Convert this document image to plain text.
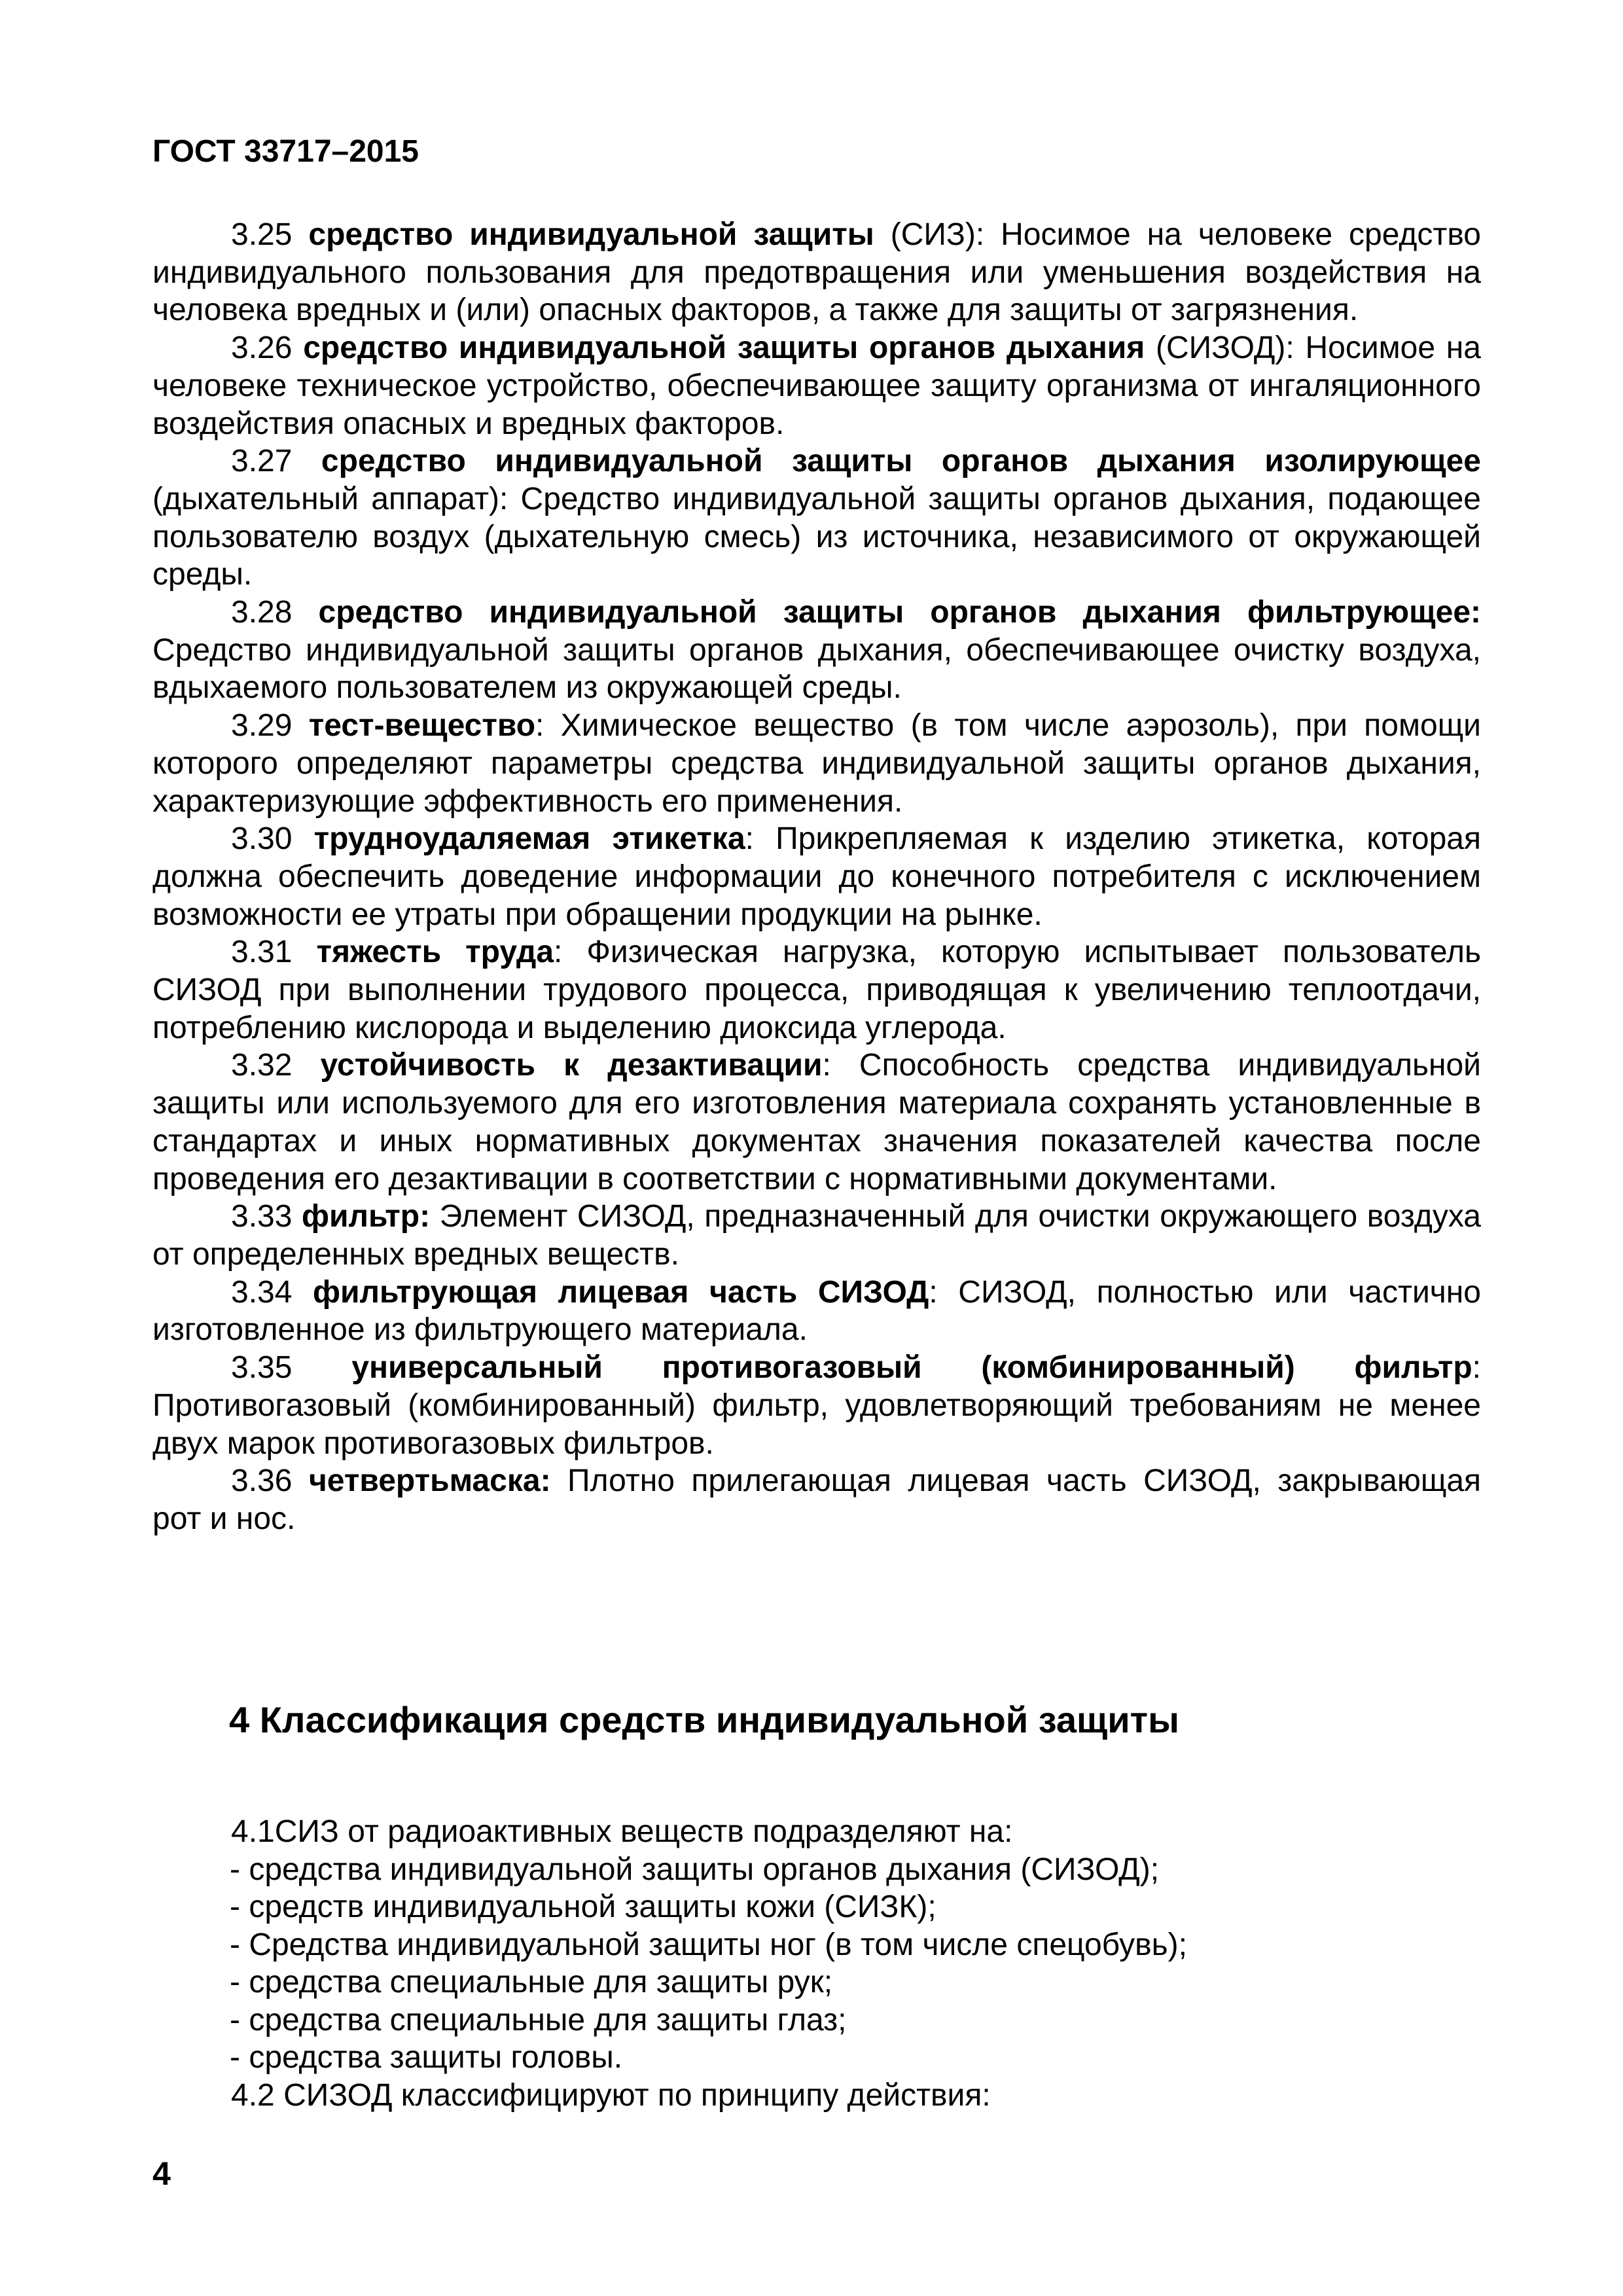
ГОСТ 33717–2015

3.25 средство индивидуальной защиты (СИЗ): Носимое на человеке средство индивидуального пользования для предотвращения или уменьшения воздействия на человека вредных и (или) опасных факторов, а также для защиты от загрязнения.

3.26 средство индивидуальной защиты органов дыхания (СИЗОД): Носимое на человеке техническое устройство, обеспечивающее защиту организма от ингаляционного воздействия опасных и вредных факторов.

3.27 средство индивидуальной защиты органов дыхания изолирующее (дыхательный аппарат): Средство индивидуальной защиты органов дыхания, подающее пользователю воздух (дыхательную смесь) из источника, независимого от окружающей среды.

3.28 средство индивидуальной защиты органов дыхания фильтрующее: Средство индивидуальной защиты органов дыхания, обеспечивающее очистку воздуха, вдыхаемого пользователем из окружающей среды.

3.29 тест-вещество: Химическое вещество (в том числе аэрозоль), при помощи которого определяют параметры средства индивидуальной защиты органов дыхания, характеризующие эффективность его применения.

3.30 трудноудаляемая этикетка: Прикрепляемая к изделию этикетка, которая должна обеспечить доведение информации до конечного потребителя с исключением возможности ее утраты при обращении продукции на рынке.

3.31 тяжесть труда: Физическая нагрузка, которую испытывает пользователь СИЗОД при выполнении трудового процесса, приводящая к увеличению теплоотдачи, потреблению кислорода и выделению диоксида углерода.

3.32 устойчивость к дезактивации: Способность средства индивидуальной защиты или используемого для его изготовления материала сохранять установленные в стандартах и иных нормативных документах значения показателей качества после проведения его дезактивации в соответствии с нормативными документами.

3.33 фильтр: Элемент СИЗОД, предназначенный для очистки окружающего воздуха от определенных вредных веществ.

3.34 фильтрующая лицевая часть СИЗОД: СИЗОД, полностью или частично изготовленное из фильтрующего материала.

3.35 универсальный противогазовый (комбинированный) фильтр: Противогазовый (комбинированный) фильтр, удовлетворяющий требованиям не менее двух марок противогазовых фильтров.

3.36 четвертьмаска: Плотно прилегающая лицевая часть СИЗОД, закрывающая рот и нос.

4 Классификация средств индивидуальной защиты
4.1СИЗ от радиоактивных веществ подразделяют на:
- средства индивидуальной защиты органов дыхания (СИЗОД);
- средств индивидуальной защиты кожи (СИЗК);
- Средства индивидуальной защиты ног (в том числе спецобувь);
- средства специальные для защиты рук;
- средства специальные для защиты глаз;
- средства защиты головы.
4.2 СИЗОД классифицируют по принципу действия:
4
